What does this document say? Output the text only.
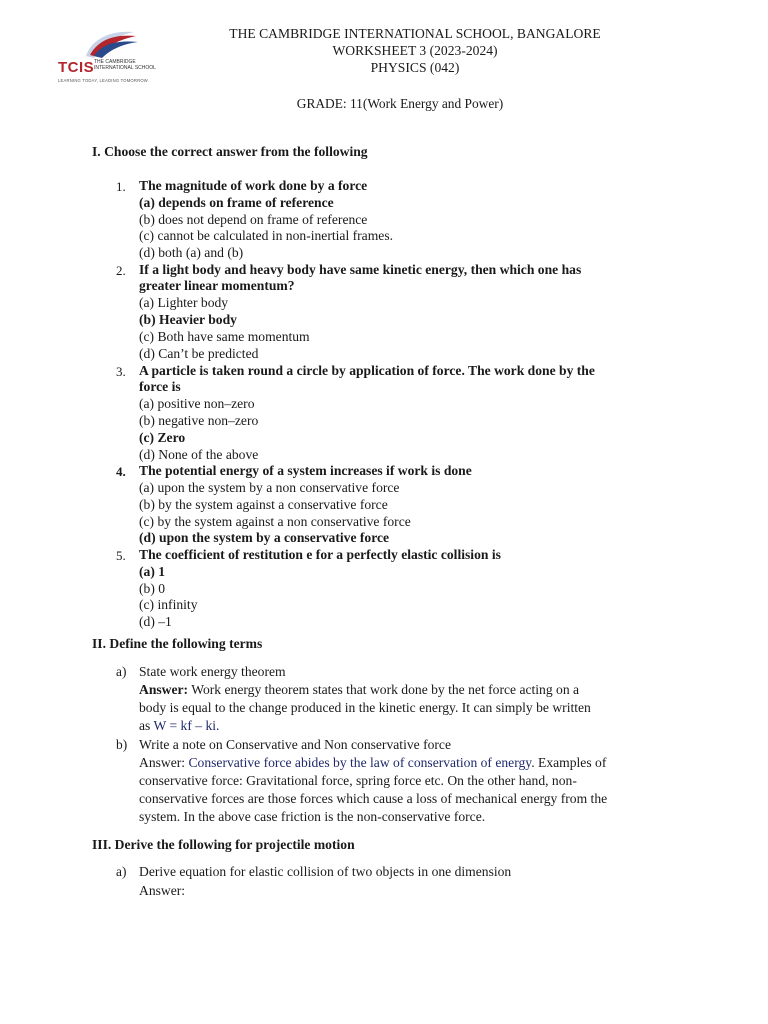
TCIS THE CAMBRIDGE INTERNATIONAL SCHOOL
LEARNING TODAY, LEADING TOMORROW
THE CAMBRIDGE INTERNATIONAL SCHOOL, BANGALORE
WORKSHEET 3 (2023-2024)
PHYSICS (042)
GRADE: 11(Work Energy and Power)
I. Choose the correct answer from the following
1. The magnitude of work done by a force
(a) depends on frame of reference
(b) does not depend on frame of reference
(c) cannot be calculated in non-inertial frames.
(d) both (a) and (b)
2. If a light body and heavy body have same kinetic energy, then which one has
greater linear momentum?
(a) Lighter body
(b) Heavier body
(c) Both have same momentum
(d) Can’t be predicted
3. A particle is taken round a circle by application of force. The work done by the
force is
(a) positive non–zero
(b) negative non–zero
(c) Zero
(d) None of the above
4. The potential energy of a system increases if work is done
(a) upon the system by a non conservative force
(b) by the system against a conservative force
(c) by the system against a non conservative force
(d) upon the system by a conservative force
5. The coefficient of restitution e for a perfectly elastic collision is
(a) 1
(b) 0
(c) infinity
(d) –1
II. Define the following terms
a) State work energy theorem
Answer: Work energy theorem states that work done by the net force acting on a
body is equal to the change produced in the kinetic energy. It can simply be written
as W = kf – ki.
b) Write a note on Conservative and Non conservative force
Answer: Conservative force abides by the law of conservation of energy. Examples of
conservative force: Gravitational force, spring force etc. On the other hand, non-
conservative forces are those forces which cause a loss of mechanical energy from the
system. In the above case friction is the non-conservative force.
III. Derive the following for projectile motion
a) Derive equation for elastic collision of two objects in one dimension
Answer:
